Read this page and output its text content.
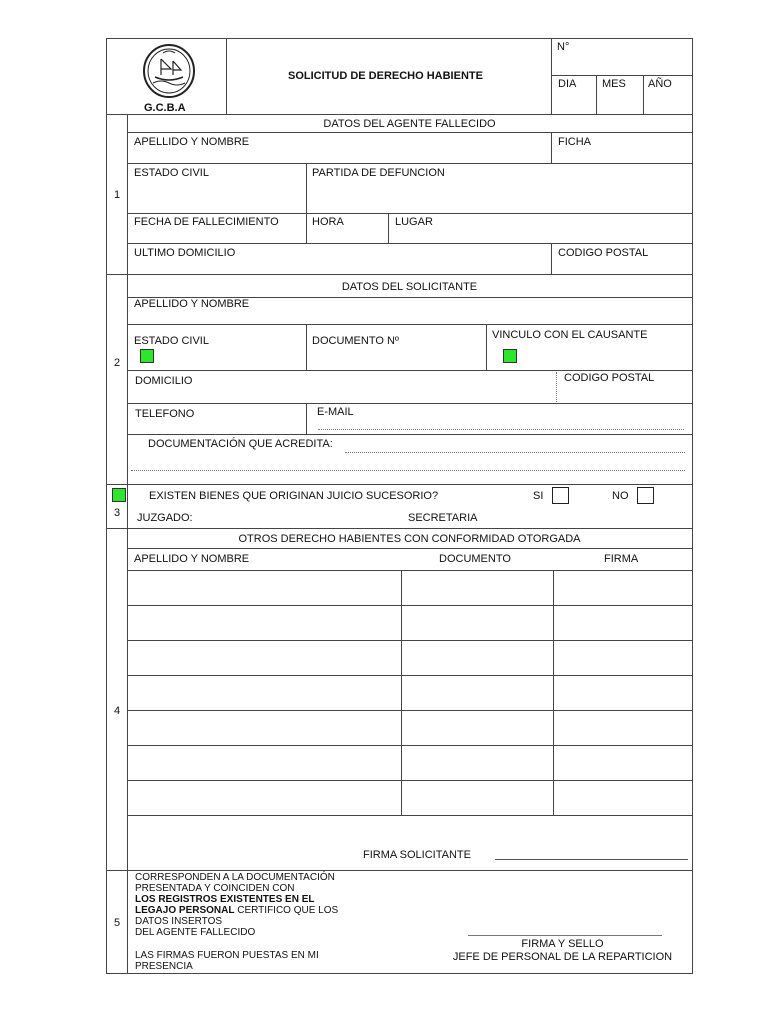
G.C.B.A
SOLICITUD DE DERECHO HABIENTE
N°
DIA MES AÑO
1
2
3
4
5
DATOS DEL AGENTE FALLECIDO
APELLIDO Y NOMBRE	FICHA
ESTADO CIVIL	PARTIDA DE DEFUNCION
FECHA DE FALLECIMIENTO	HORA	LUGAR
ULTIMO DOMICILIO	CODIGO POSTAL
DATOS DEL SOLICITANTE
APELLIDO Y NOMBRE
ESTADO CIVIL	DOCUMENTO Nº	VINCULO CON EL CAUSANTE
DOMICILIO	CODIGO POSTAL
TELEFONO	E-MAIL
DOCUMENTACIÓN QUE ACREDITA:
EXISTEN BIENES QUE ORIGINAN JUICIO SUCESORIO?	SI	NO
JUZGADO:	SECRETARIA
OTROS DERECHO HABIENTES CON CONFORMIDAD OTORGADA
APELLIDO Y NOMBRE	DOCUMENTO	FIRMA
FIRMA SOLICITANTE
CORRESPONDEN A LA DOCUMENTACIÓN
PRESENTADA Y COINCIDEN CON
LOS REGISTROS EXISTENTES EN EL
LEGAJO PERSONAL CERTIFICO QUE LOS
DATOS INSERTOS
DEL AGENTE FALLECIDO
LAS FIRMAS FUERON PUESTAS EN MI
PRESENCIA
FIRMA Y SELLO
JEFE DE PERSONAL DE LA REPARTICION
